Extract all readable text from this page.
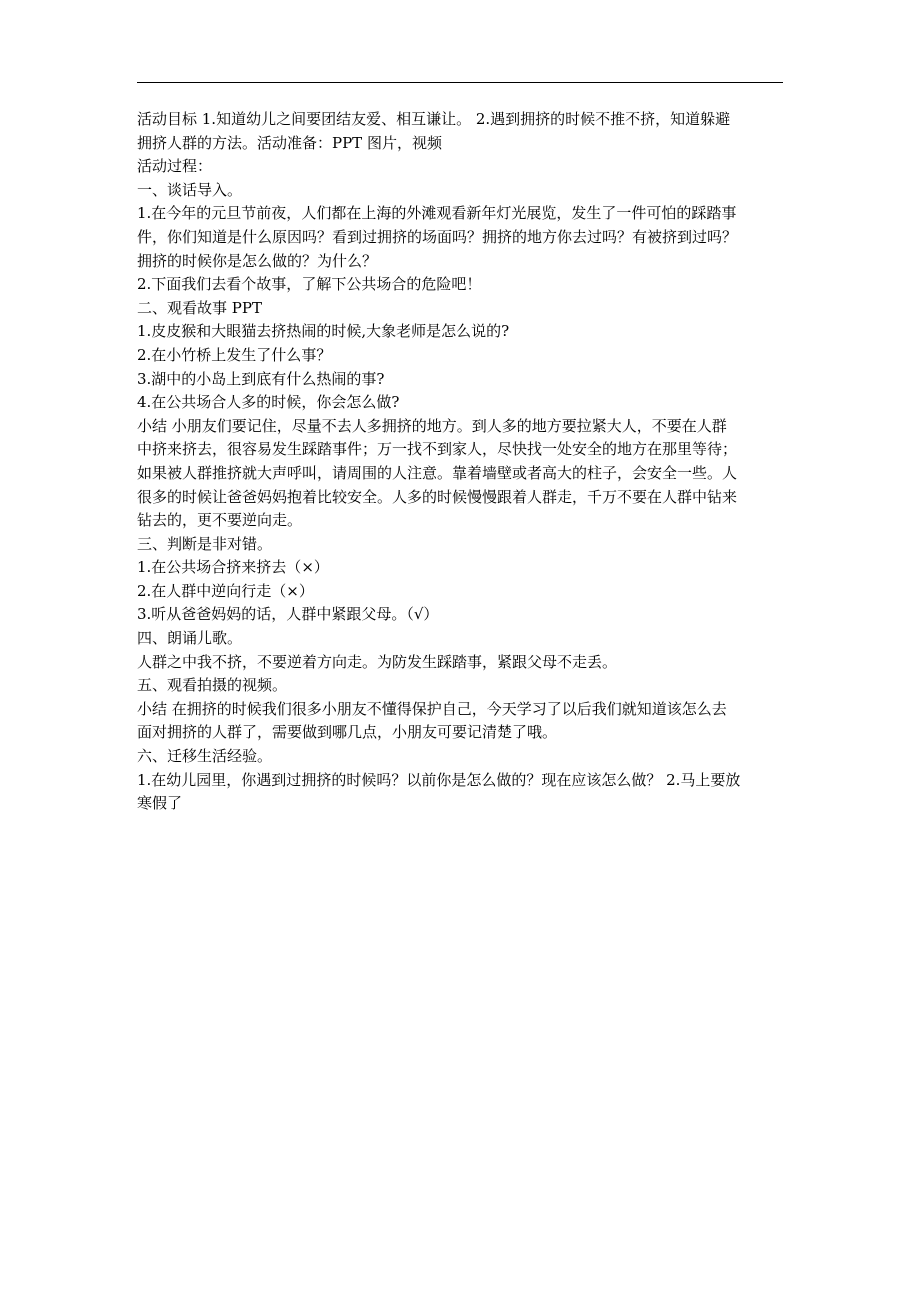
活动目标 1.知道幼儿之间要团结友爱、相互谦让。 2.遇到拥挤的时候不推不挤，知道躲避
拥挤人群的方法。活动准备：PPT 图片，视频
活动过程：
一、谈话导入。
1.在今年的元旦节前夜，人们都在上海的外滩观看新年灯光展览，发生了一件可怕的踩踏事
件，你们知道是什么原因吗？看到过拥挤的场面吗？拥挤的地方你去过吗？有被挤到过吗？
拥挤的时候你是怎么做的？为什么？
2.下面我们去看个故事，了解下公共场合的危险吧！
二、观看故事 PPT
1.皮皮猴和大眼猫去挤热闹的时候,大象老师是怎么说的?
2.在小竹桥上发生了什么事？
3.湖中的小岛上到底有什么热闹的事?
4.在公共场合人多的时候，你会怎么做?
小结 小朋友们要记住，尽量不去人多拥挤的地方。到人多的地方要拉紧大人，不要在人群
中挤来挤去，很容易发生踩踏事件；万一找不到家人，尽快找一处安全的地方在那里等待；
如果被人群推挤就大声呼叫，请周围的人注意。靠着墙壁或者高大的柱子，会安全一些。人
很多的时候让爸爸妈妈抱着比较安全。人多的时候慢慢跟着人群走，千万不要在人群中钻来
钻去的，更不要逆向走。
三、判断是非对错。
1.在公共场合挤来挤去（×）
2.在人群中逆向行走（×）
3.听从爸爸妈妈的话，人群中紧跟父母。（√）
四、朗诵儿歌。
人群之中我不挤，不要逆着方向走。为防发生踩踏事，紧跟父母不走丢。
五、观看拍摄的视频。
小结 在拥挤的时候我们很多小朋友不懂得保护自己，今天学习了以后我们就知道该怎么去
面对拥挤的人群了，需要做到哪几点，小朋友可要记清楚了哦。
六、迁移生活经验。
1.在幼儿园里，你遇到过拥挤的时候吗？以前你是怎么做的？现在应该怎么做？ 2.马上要放
寒假了
